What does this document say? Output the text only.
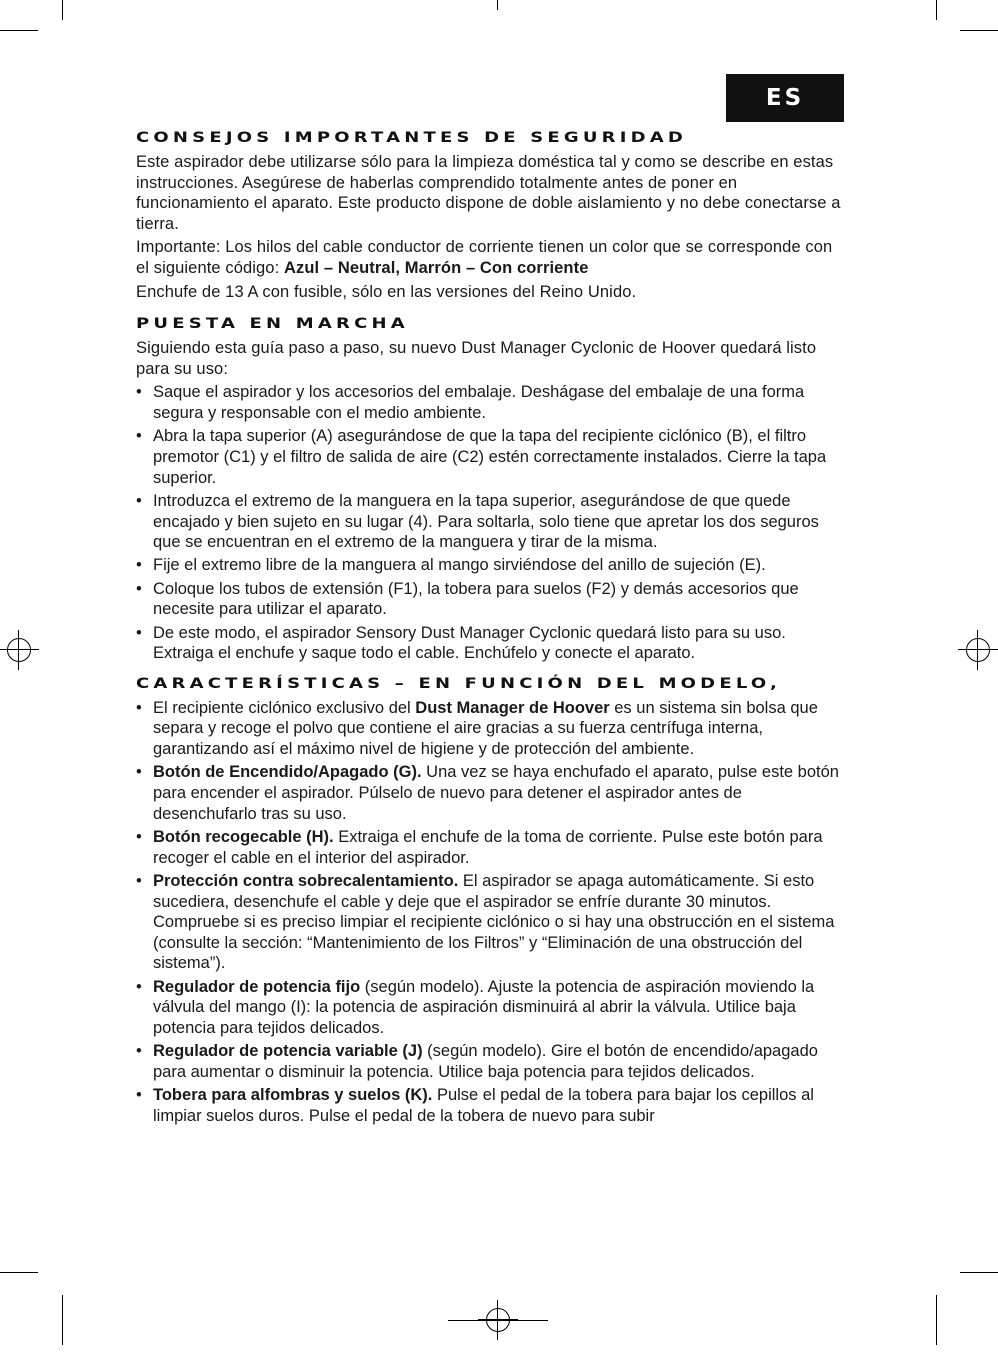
ES
CONSEJOS IMPORTANTES DE SEGURIDAD

Este aspirador debe utilizarse sólo para la limpieza doméstica tal y como se describe en estas instrucciones. Asegúrese de haberlas comprendido totalmente antes de poner en funcionamiento el aparato. Este producto dispone de doble aislamiento y no debe conectarse a tierra.

Importante: Los hilos del cable conductor de corriente tienen un color que se corresponde con el siguiente código: Azul – Neutral, Marrón – Con corriente

Enchufe de 13 A con fusible, sólo en las versiones del Reino Unido.

PUESTA EN MARCHA

Siguiendo esta guía paso a paso, su nuevo Dust Manager Cyclonic de Hoover quedará listo para su uso:

• Saque el aspirador y los accesorios del embalaje. Deshágase del embalaje de una forma segura y responsable con el medio ambiente.
• Abra la tapa superior (A) asegurándose de que la tapa del recipiente ciclónico (B), el filtro premotor (C1) y el filtro de salida de aire (C2) estén correctamente instalados. Cierre la tapa superior.
• Introduzca el extremo de la manguera en la tapa superior, asegurándose de que quede encajado y bien sujeto en su lugar (4). Para soltarla, solo tiene que apretar los dos seguros que se encuentran en el extremo de la manguera y tirar de la misma.
• Fije el extremo libre de la manguera al mango sirviéndose del anillo de sujeción (E).
• Coloque los tubos de extensión (F1), la tobera para suelos (F2) y demás accesorios que necesite para utilizar el aparato.
• De este modo, el aspirador Sensory Dust Manager Cyclonic quedará listo para su uso. Extraiga el enchufe y saque todo el cable. Enchúfelo y conecte el aparato.
CARACTERÍSTICAS – EN FUNCIÓN DEL MODELO,
• El recipiente ciclónico exclusivo del Dust Manager de Hoover es un sistema sin bolsa que separa y recoge el polvo que contiene el aire gracias a su fuerza centrífuga interna, garantizando así el máximo nivel de higiene y de protección del ambiente.
• Botón de Encendido/Apagado (G). Una vez se haya enchufado el aparato, pulse este botón para encender el aspirador. Púlselo de nuevo para detener el aspirador antes de desenchufarlo tras su uso.
• Botón recogecable (H). Extraiga el enchufe de la toma de corriente. Pulse este botón para recoger el cable en el interior del aspirador.
• Protección contra sobrecalentamiento. El aspirador se apaga automáticamente. Si esto sucediera, desenchufe el cable y deje que el aspirador se enfríe durante 30 minutos. Compruebe si es preciso limpiar el recipiente ciclónico o si hay una obstrucción en el sistema (consulte la sección: “Mantenimiento de los Filtros” y “Eliminación de una obstrucción del sistema”).
• Regulador de potencia fijo (según modelo). Ajuste la potencia de aspiración moviendo la válvula del mango (I): la potencia de aspiración disminuirá al abrir la válvula. Utilice baja potencia para tejidos delicados.
• Regulador de potencia variable (J) (según modelo). Gire el botón de encendido/apagado para aumentar o disminuir la potencia. Utilice baja potencia para tejidos delicados.
• Tobera para alfombras y suelos (K). Pulse el pedal de la tobera para bajar los cepillos al limpiar suelos duros. Pulse el pedal de la tobera de nuevo para subir
